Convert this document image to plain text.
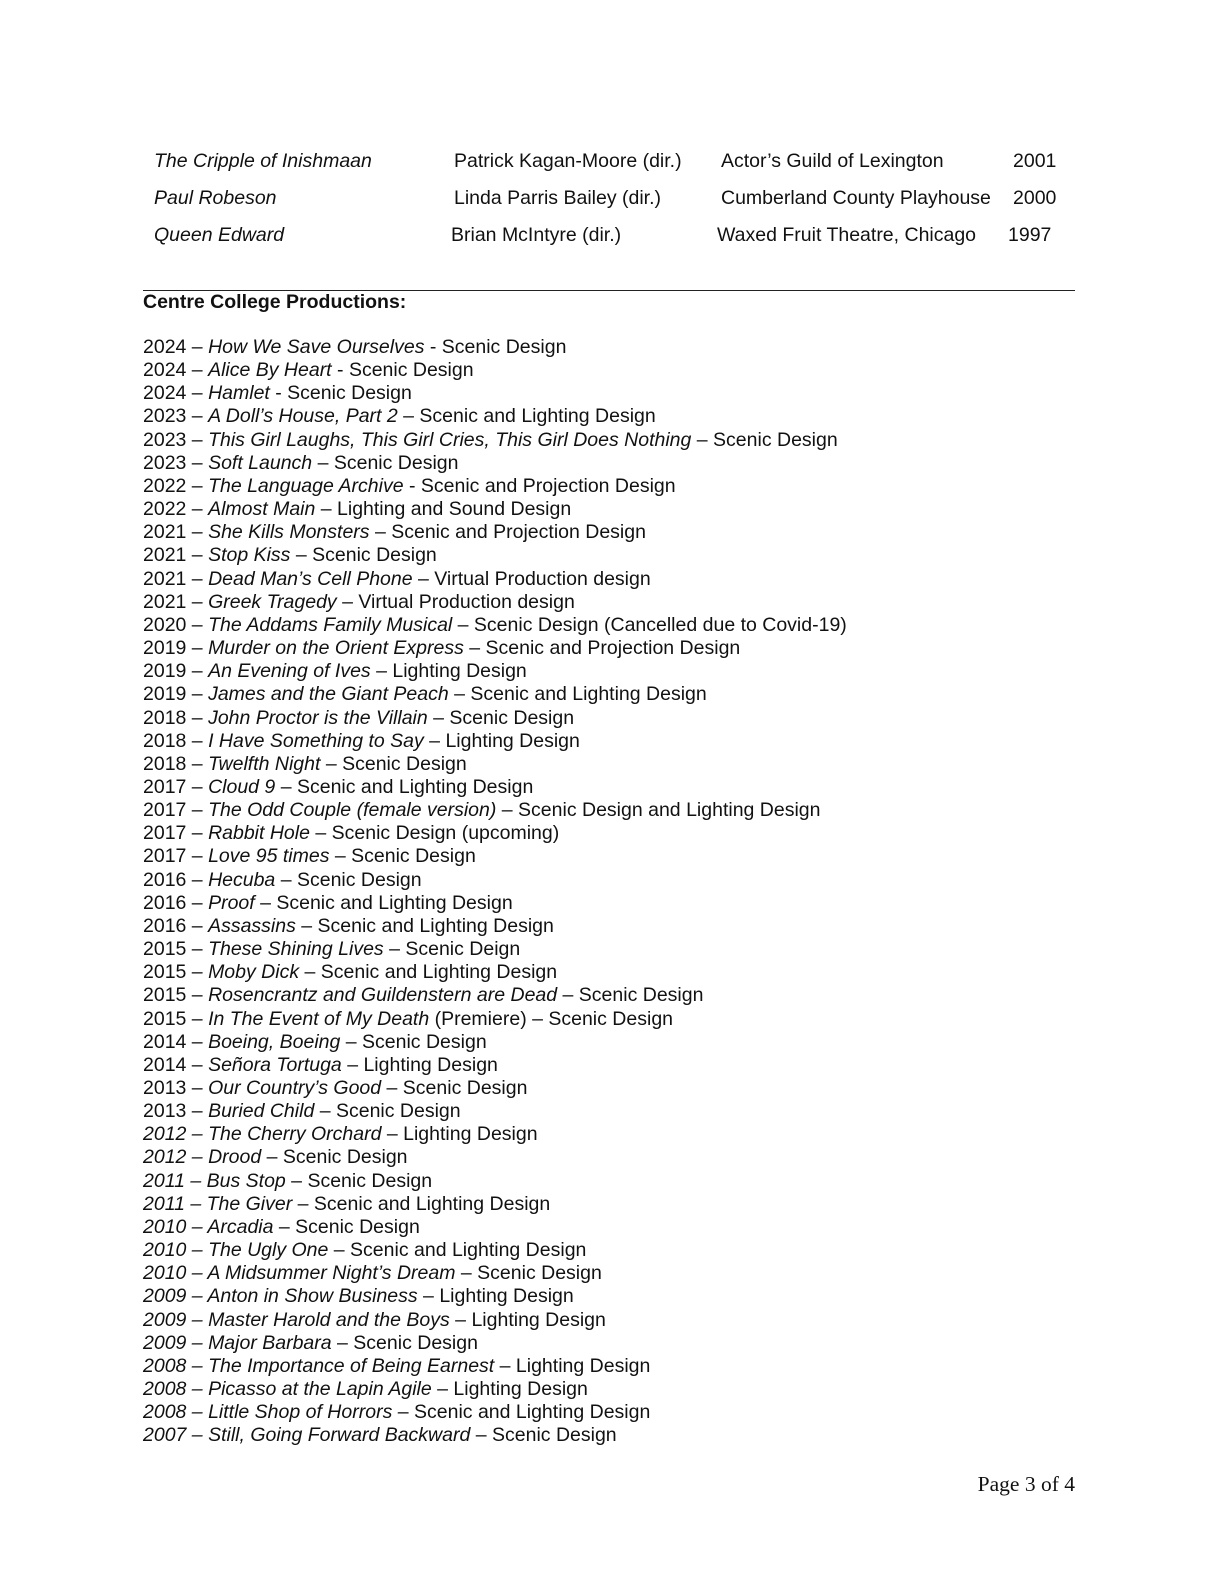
The Cripple of Inishmaan	Patrick Kagan-Moore (dir.) Actor’s Guild of Lexington	2001
Paul Robeson	Linda Parris Bailey (dir.)	Cumberland County Playhouse 2000
Queen Edward	Brian McIntyre (dir.)	Waxed Fruit Theatre, Chicago 1997
Centre College Productions:
2024 – How We Save Ourselves - Scenic Design
2024 – Alice By Heart - Scenic Design
2024 – Hamlet - Scenic Design
2023 – A Doll’s House, Part 2 – Scenic and Lighting Design
2023 – This Girl Laughs, This Girl Cries, This Girl Does Nothing – Scenic Design
2023 – Soft Launch – Scenic Design
2022 – The Language Archive - Scenic and Projection Design
2022 – Almost Main – Lighting and Sound Design
2021 – She Kills Monsters – Scenic and Projection Design
2021 – Stop Kiss – Scenic Design
2021 – Dead Man’s Cell Phone – Virtual Production design
2021 – Greek Tragedy – Virtual Production design
2020 – The Addams Family Musical – Scenic Design (Cancelled due to Covid-19)
2019 – Murder on the Orient Express – Scenic and Projection Design
2019 – An Evening of Ives – Lighting Design
2019 – James and the Giant Peach – Scenic and Lighting Design
2018 – John Proctor is the Villain – Scenic Design
2018 – I Have Something to Say – Lighting Design
2018 – Twelfth Night – Scenic Design
2017 – Cloud 9 – Scenic and Lighting Design
2017 – The Odd Couple (female version) – Scenic Design and Lighting Design
2017 – Rabbit Hole – Scenic Design (upcoming)
2017 – Love 95 times – Scenic Design
2016 – Hecuba – Scenic Design
2016 – Proof – Scenic and Lighting Design
2016 – Assassins – Scenic and Lighting Design
2015 – These Shining Lives – Scenic Deign
2015 – Moby Dick – Scenic and Lighting Design
2015 – Rosencrantz and Guildenstern are Dead – Scenic Design
2015 – In The Event of My Death (Premiere) – Scenic Design
2014 – Boeing, Boeing – Scenic Design
2014 – Señora Tortuga – Lighting Design
2013 – Our Country’s Good – Scenic Design
2013 – Buried Child – Scenic Design
2012 – The Cherry Orchard – Lighting Design
2012 – Drood – Scenic Design
2011 – Bus Stop – Scenic Design
2011 – The Giver – Scenic and Lighting Design
2010 – Arcadia – Scenic Design
2010 – The Ugly One – Scenic and Lighting Design
2010 – A Midsummer Night’s Dream – Scenic Design
2009 – Anton in Show Business – Lighting Design
2009 – Master Harold and the Boys – Lighting Design
2009 – Major Barbara – Scenic Design
2008 – The Importance of Being Earnest – Lighting Design
2008 – Picasso at the Lapin Agile – Lighting Design
2008 – Little Shop of Horrors – Scenic and Lighting Design
2007 – Still, Going Forward Backward – Scenic Design
Page 3 of 4
